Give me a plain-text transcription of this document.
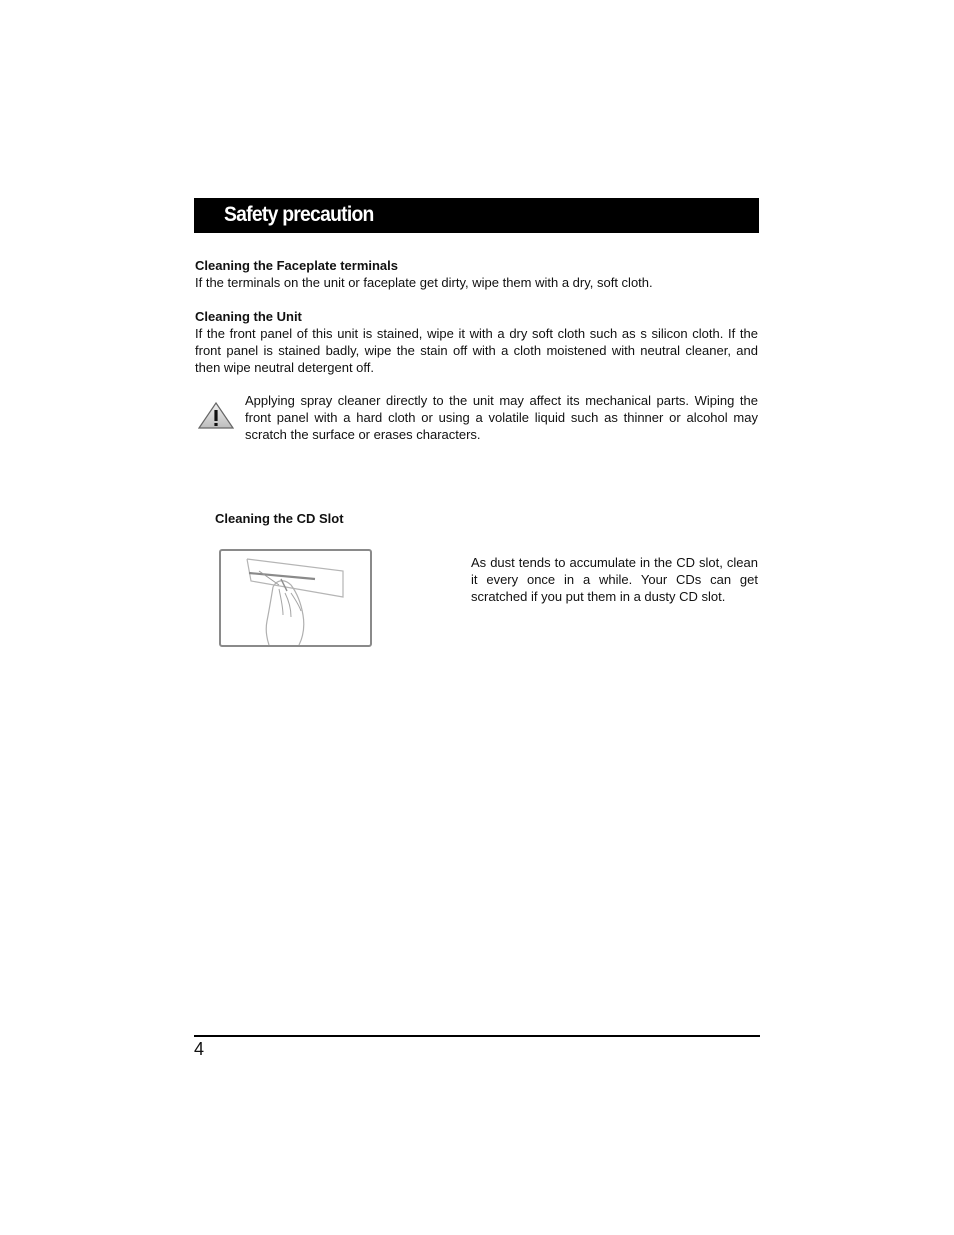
Safety precaution
Cleaning the Faceplate terminals
If the terminals on the unit or faceplate get dirty, wipe them with a dry, soft cloth.
Cleaning the Unit
If the front panel of this unit is stained, wipe it with a dry soft cloth such as s silicon cloth. If the front panel is stained badly, wipe the stain off with a cloth moistened with neutral cleaner, and then wipe neutral detergent off.
Applying spray cleaner directly to the unit may affect its mechanical parts. Wiping the front panel with a hard cloth or using a volatile liquid such as thinner or alcohol may scratch the surface or erases characters.
Cleaning the CD Slot
As dust tends to accumulate in the CD slot, clean it every once in a while. Your CDs can get scratched if you put them in a dusty CD slot.
4
